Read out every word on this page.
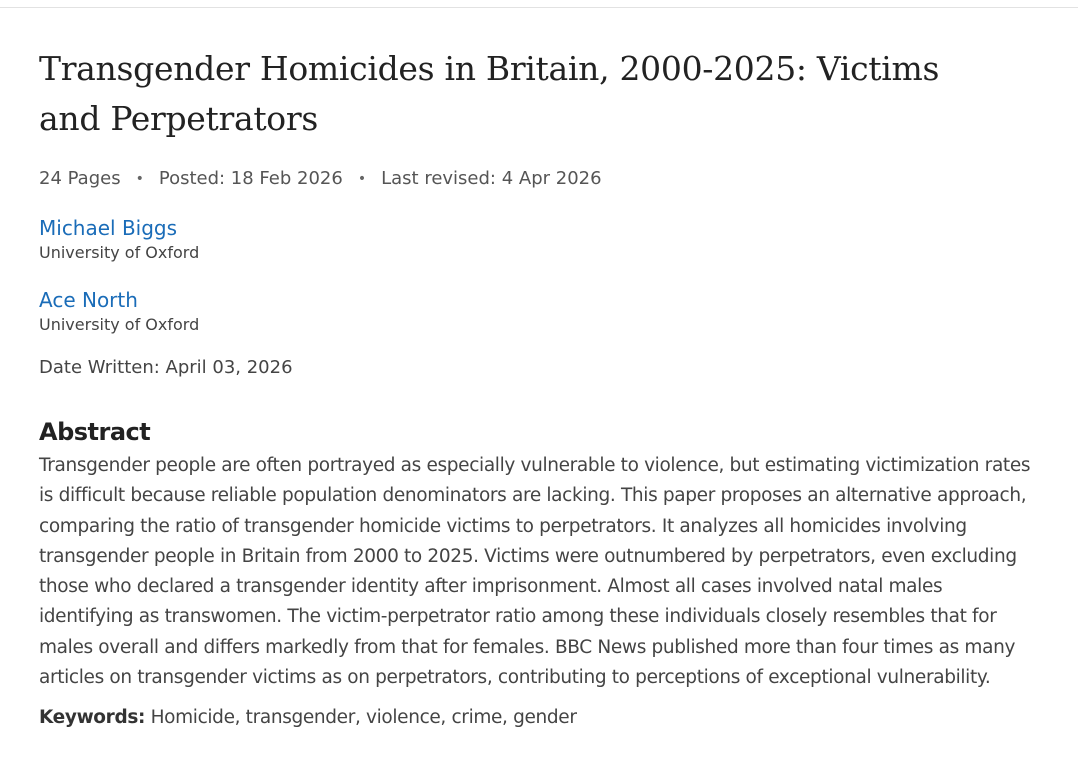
Transgender Homicides in Britain, 2000-2025: Victims and Perpetrators
24 Pages • Posted: 18 Feb 2026 • Last revised: 4 Apr 2026
Michael Biggs
University of Oxford
Ace North
University of Oxford
Date Written: April 03, 2026
Abstract
Transgender people are often portrayed as especially vulnerable to violence, but estimating victimization rates is difficult because reliable population denominators are lacking. This paper proposes an alternative approach, comparing the ratio of transgender homicide victims to perpetrators. It analyzes all homicides involving transgender people in Britain from 2000 to 2025. Victims were outnumbered by perpetrators, even excluding those who declared a transgender identity after imprisonment. Almost all cases involved natal males identifying as transwomen. The victim-perpetrator ratio among these individuals closely resembles that for males overall and differs markedly from that for females. BBC News published more than four times as many articles on transgender victims as on perpetrators, contributing to perceptions of exceptional vulnerability.
Keywords: Homicide, transgender, violence, crime, gender
